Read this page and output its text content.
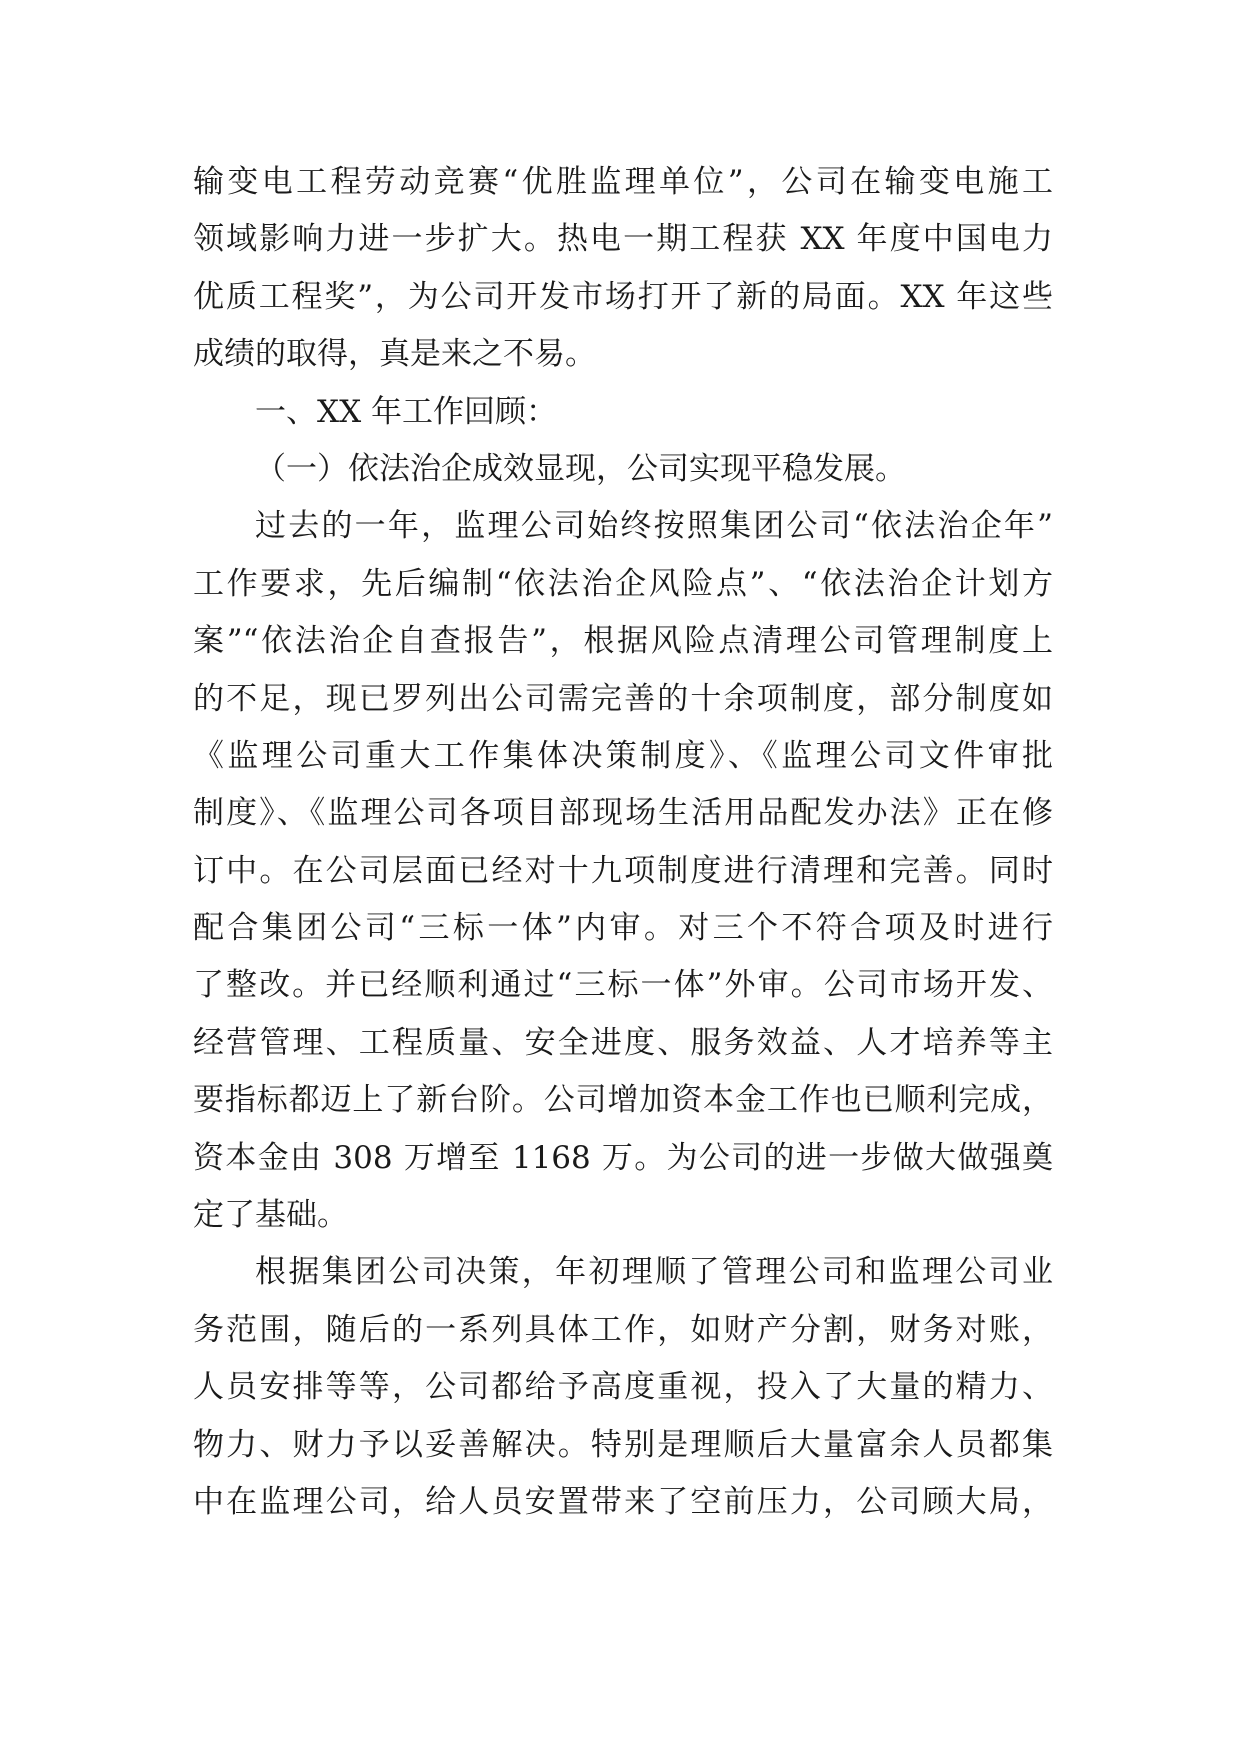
输变电工程劳动竞赛“优胜监理单位”，公司在输变电施工
领域影响力进一步扩大。热电一期工程获 XX 年度中国电力
优质工程奖”，为公司开发市场打开了新的局面。XX 年这些
成绩的取得，真是来之不易。
一、XX 年工作回顾：
（一）依法治企成效显现，公司实现平稳发展。
过去的一年，监理公司始终按照集团公司“依法治企年”
工作要求，先后编制“依法治企风险点”、“依法治企计划方
案”“依法治企自查报告”，根据风险点清理公司管理制度上
的不足，现已罗列出公司需完善的十余项制度，部分制度如
《监理公司重大工作集体决策制度》、《监理公司文件审批
制度》、《监理公司各项目部现场生活用品配发办法》正在修
订中。在公司层面已经对十九项制度进行清理和完善。同时
配合集团公司“三标一体”内审。对三个不符合项及时进行
了整改。并已经顺利通过“三标一体”外审。公司市场开发、
经营管理、工程质量、安全进度、服务效益、人才培养等主
要指标都迈上了新台阶。公司增加资本金工作也已顺利完成，
资本金由 308 万增至 1168 万。为公司的进一步做大做强奠
定了基础。
根据集团公司决策，年初理顺了管理公司和监理公司业
务范围，随后的一系列具体工作，如财产分割，财务对账，
人员安排等等，公司都给予高度重视，投入了大量的精力、
物力、财力予以妥善解决。特别是理顺后大量富余人员都集
中在监理公司，给人员安置带来了空前压力，公司顾大局，
